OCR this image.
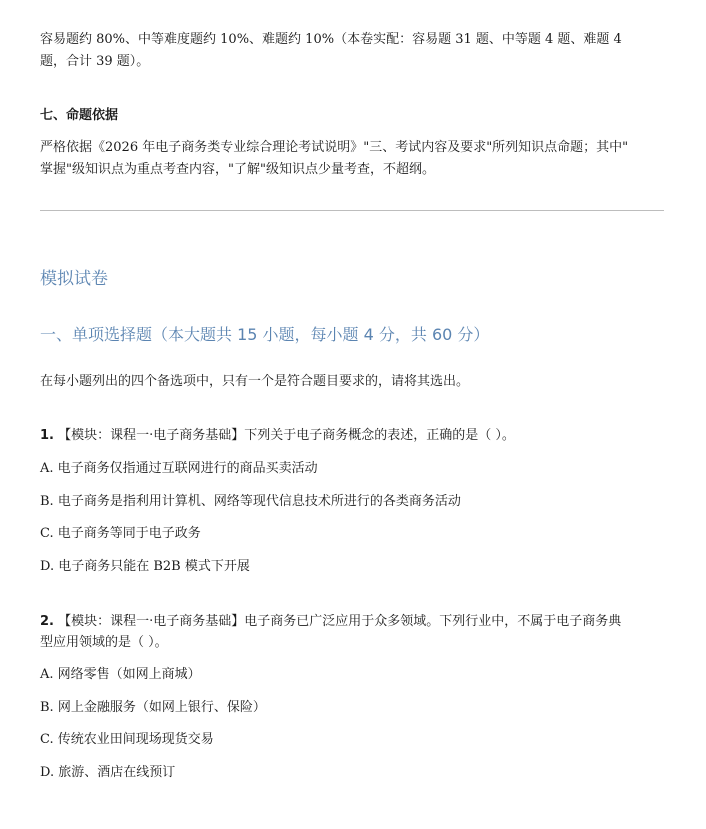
容易题约 80%、中等难度题约 10%、难题约 10%（本卷实配：容易题 31 题、中等题 4 题、难题 4

题，合计 39 题）。

七、命题依据

严格依据《2026 年电子商务类专业综合理论考试说明》"三、考试内容及要求"所列知识点命题；其中"

掌握"级知识点为重点考查内容，"了解"级知识点少量考查，不超纲。

模拟试卷

一、单项选择题（本大题共 15 小题，每小题 4 分，共 60 分）

在每小题列出的四个备选项中，只有一个是符合题目要求的，请将其选出。

1. 【模块：课程一·电子商务基础】下列关于电子商务概念的表述，正确的是（ ）。

A. 电子商务仅指通过互联网进行的商品买卖活动

B. 电子商务是指利用计算机、网络等现代信息技术所进行的各类商务活动

C. 电子商务等同于电子政务

D. 电子商务只能在 B2B 模式下开展

2. 【模块：课程一·电子商务基础】电子商务已广泛应用于众多领域。下列行业中，不属于电子商务典

型应用领域的是（ ）。

A. 网络零售（如网上商城）

B. 网上金融服务（如网上银行、保险）

C. 传统农业田间现场现货交易

D. 旅游、酒店在线预订
